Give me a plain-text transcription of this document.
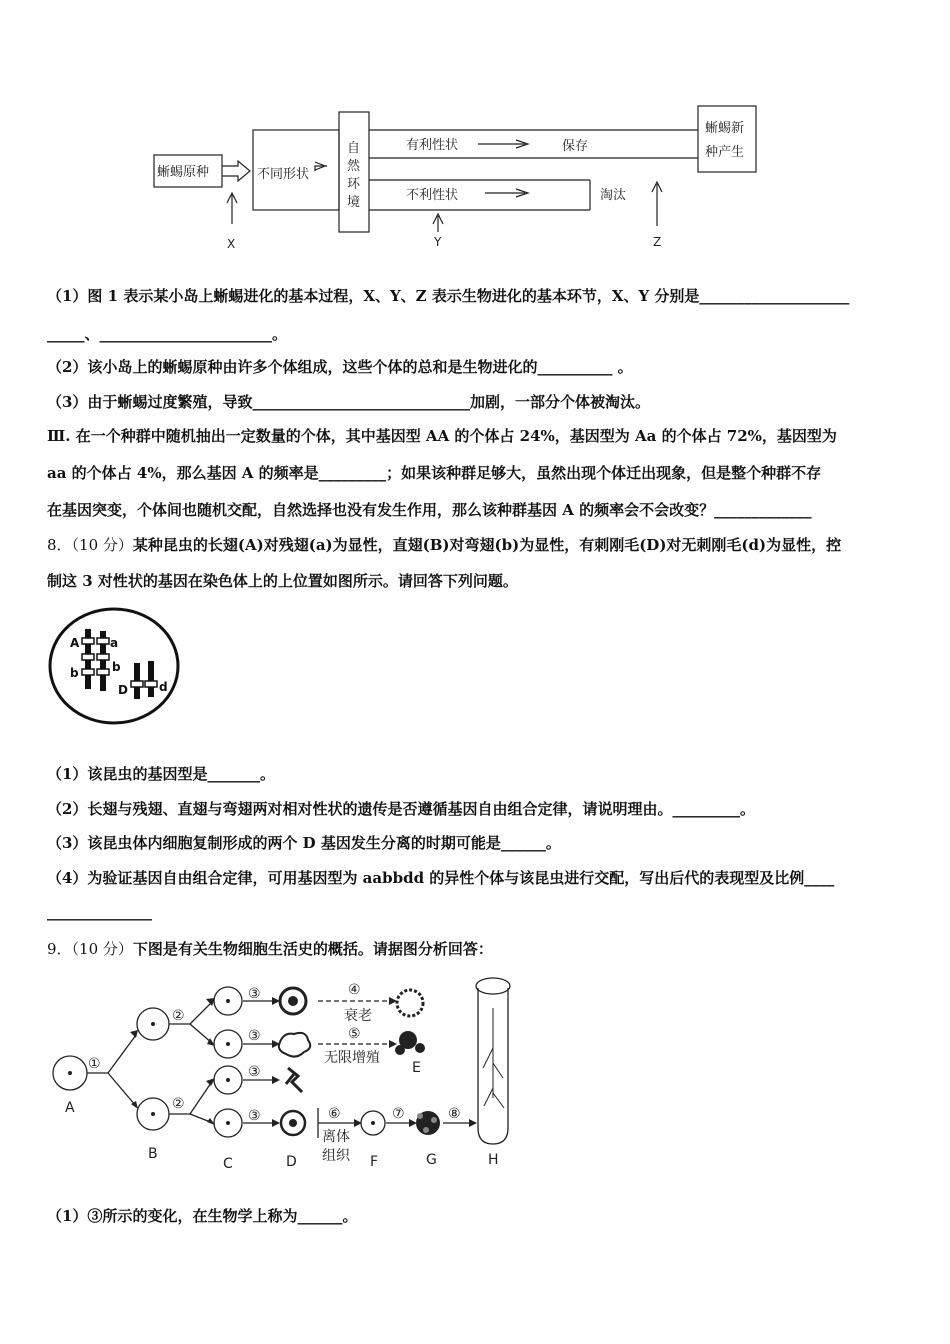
蜥蜴原种	不同形状
自
然
环
境
有利性状	保存
不利性状	淘汰
蜥蜴新
种产生
X	Y	Z
（1）图 1 表示某小岛上蜥蜴进化的基本过程，X、Y、Z 表示生物进化的基本环节，X、Y 分别是____________________
_____、_______________________。
（2）该小岛上的蜥蜴原种由许多个体组成，这些个体的总和是生物进化的__________ 。
（3）由于蜥蜴过度繁殖，导致_____________________________加剧，一部分个体被淘汰。
Ⅲ. 在一个种群中随机抽出一定数量的个体，其中基因型 AA 的个体占 24%，基因型为 Aa 的个体占 72%，基因型为
aa 的个体占 4%，那么基因 A 的频率是_________；如果该种群足够大，虽然出现个体迁出现象，但是整个种群不存
在基因突变，个体间也随机交配，自然选择也没有发生作用，那么该种群基因 A 的频率会不会改变？_____________
8．（10 分）某种昆虫的长翅(A)对残翅(a)为显性，直翅(B)对弯翅(b)为显性，有刺刚毛(D)对无刺刚毛(d)为显性，控
制这 3 对性状的基因在染色体上的上位置如图所示。请回答下列问题。
A	a
b	b
D	d
（1）该昆虫的基因型是_______。
（2）长翅与残翅、直翅与弯翅两对相对性状的遗传是否遵循基因自由组合定律，请说明理由。_________。
（3）该昆虫体内细胞复制形成的两个 D 基因发生分离的时期可能是______。
（4）为验证基因自由组合定律，可用基因型为 aabbdd 的异性个体与该昆虫进行交配，写出后代的表现型及比例____
______________
9．（10 分）下图是有关生物细胞生活史的概括。请据图分析回答：
①
②
②
③
③
③
③
④
⑤
⑥	⑦	⑧
衰老
无限增殖
离体
组织
A
B
C	D
E
F	G	H
（1）③所示的变化，在生物学上称为______。
